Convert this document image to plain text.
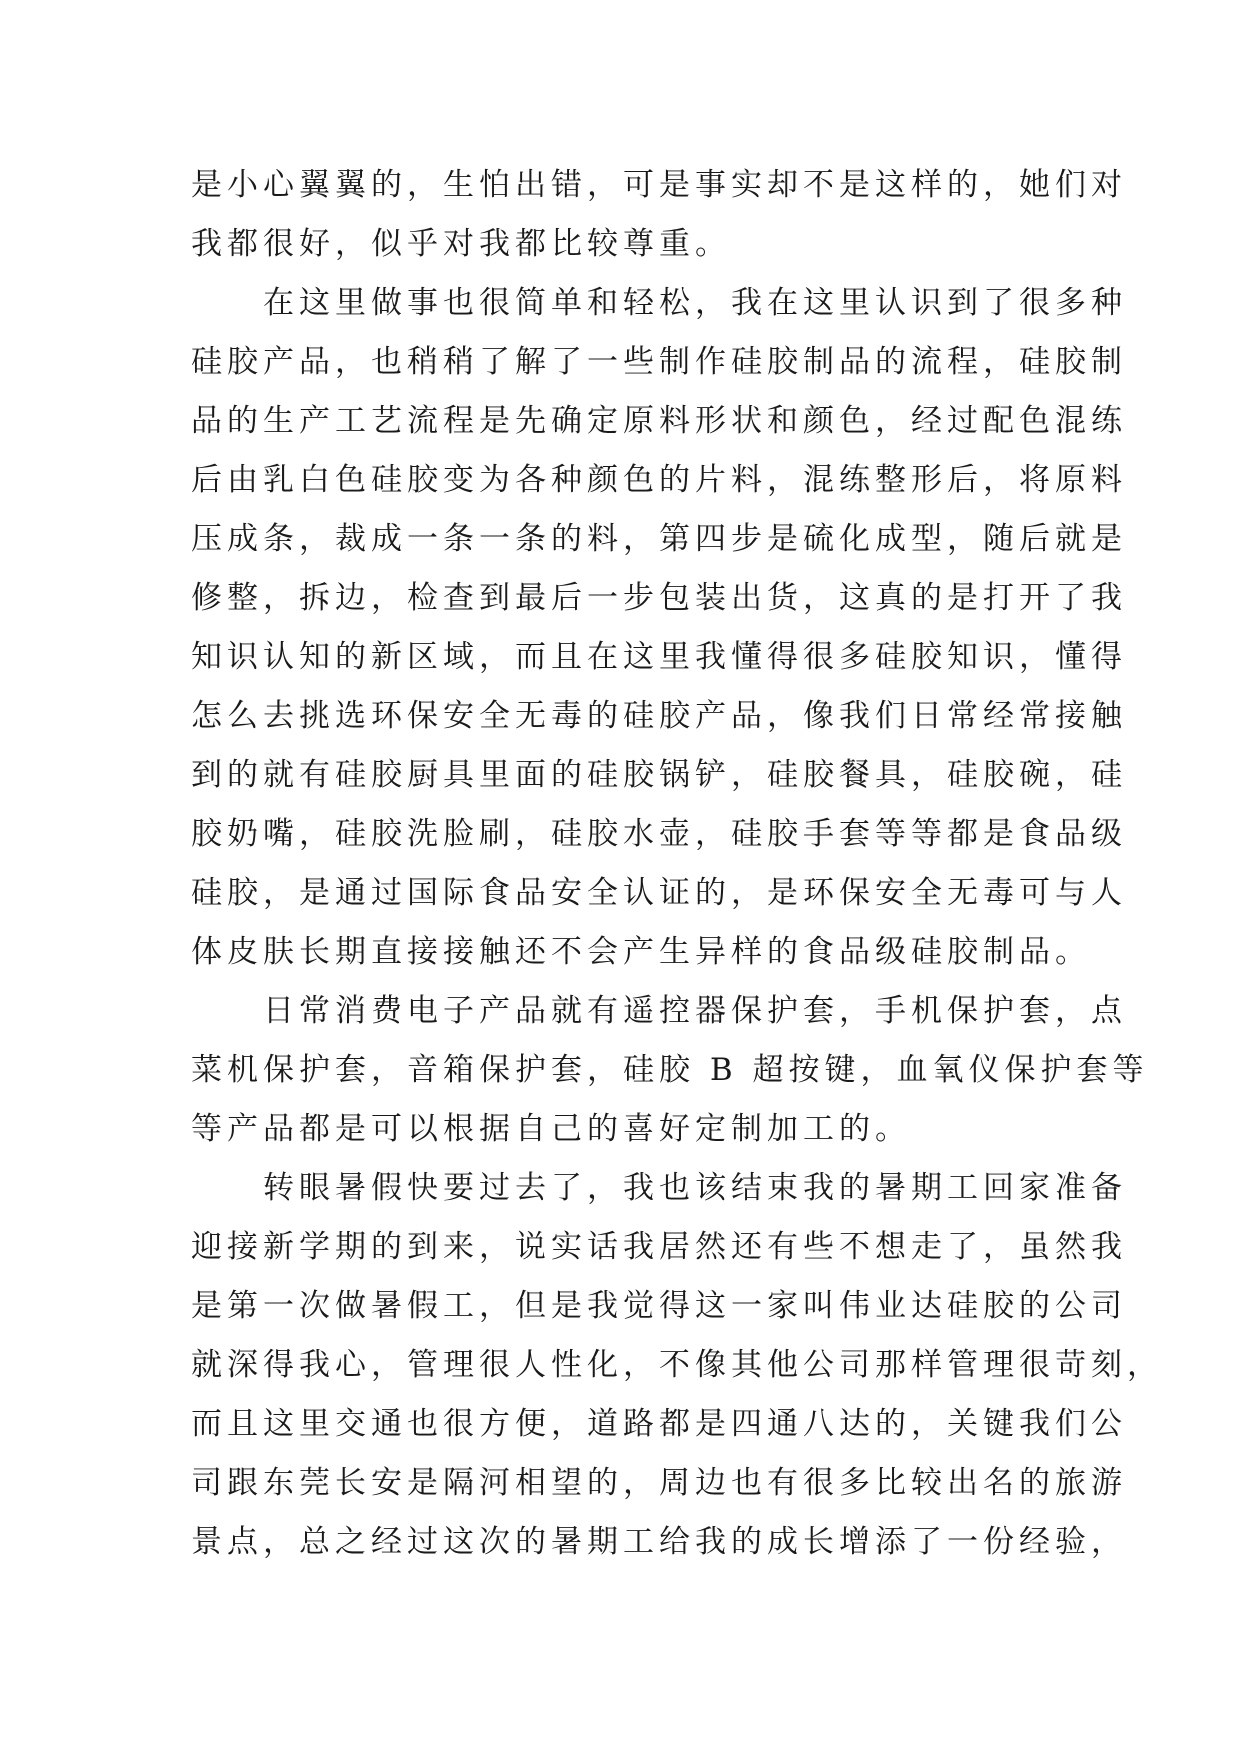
是小心翼翼的，生怕出错，可是事实却不是这样的，她们对
我都很好，似乎对我都比较尊重。
　　在这里做事也很简单和轻松，我在这里认识到了很多种
硅胶产品，也稍稍了解了一些制作硅胶制品的流程，硅胶制
品的生产工艺流程是先确定原料形状和颜色，经过配色混练
后由乳白色硅胶变为各种颜色的片料，混练整形后，将原料
压成条，裁成一条一条的料，第四步是硫化成型，随后就是
修整，拆边，检查到最后一步包装出货，这真的是打开了我
知识认知的新区域，而且在这里我懂得很多硅胶知识，懂得
怎么去挑选环保安全无毒的硅胶产品，像我们日常经常接触
到的就有硅胶厨具里面的硅胶锅铲，硅胶餐具，硅胶碗，硅
胶奶嘴，硅胶洗脸刷，硅胶水壶，硅胶手套等等都是食品级
硅胶，是通过国际食品安全认证的，是环保安全无毒可与人
体皮肤长期直接接触还不会产生异样的食品级硅胶制品。
　　日常消费电子产品就有遥控器保护套，手机保护套，点
菜机保护套，音箱保护套，硅胶 B 超按键，血氧仪保护套等
等产品都是可以根据自己的喜好定制加工的。
　　转眼暑假快要过去了，我也该结束我的暑期工回家准备
迎接新学期的到来，说实话我居然还有些不想走了，虽然我
是第一次做暑假工，但是我觉得这一家叫伟业达硅胶的公司
就深得我心，管理很人性化，不像其他公司那样管理很苛刻，
而且这里交通也很方便，道路都是四通八达的，关键我们公
司跟东莞长安是隔河相望的，周边也有很多比较出名的旅游
景点，总之经过这次的暑期工给我的成长增添了一份经验，
